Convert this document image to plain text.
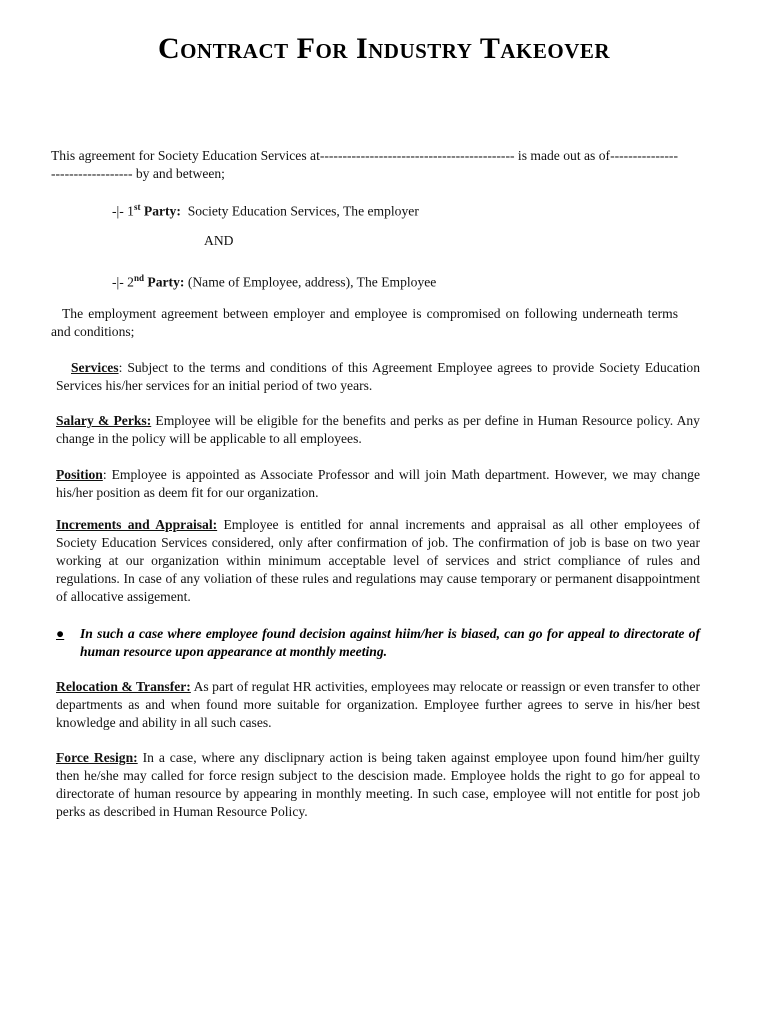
Contract For Industry Takeover
This agreement for Society Education Services at------------------------------------------- is made out as of--------------------------------- by and between;
-|- 1st Party: Society Education Services, The employer
AND
-|- 2nd Party: (Name of Employee, address), The Employee
The employment agreement between employer and employee is compromised on following underneath terms and conditions;
Services: Subject to the terms and conditions of this Agreement Employee agrees to provide Society Education Services his/her services for an initial period of two years.
Salary & Perks: Employee will be eligible for the benefits and perks as per define in Human Resource policy. Any change in the policy will be applicable to all employees.
Position: Employee is appointed as Associate Professor and will join Math department. However, we may change his/her position as deem fit for our organization.
Increments and Appraisal: Employee is entitled for annal increments and appraisal as all other employees of Society Education Services considered, only after confirmation of job. The confirmation of job is base on two year working at our organization within minimum acceptable level of services and strict compliance of rules and regulations. In case of any voliation of these rules and regulations may cause temporary or permanent disappointment of allocative assigement.
●	In such a case where employee found decision against hiim/her is biased, can go for appeal to directorate of human resource upon appearance at monthly meeting.
Relocation & Transfer: As part of regulat HR activities, employees may relocate or reassign or even transfer to other departments as and when found more suitable for organization. Employee further agrees to serve in his/her best knowledge and ability in all such cases.
Force Resign: In a case, where any disclipnary action is being taken against employee upon found him/her guilty then he/she may called for force resign subject to the descision made. Employee holds the right to go for appeal to directorate of human resource by appearing in monthly meeting. In such case, employee will not entitle for post job perks as described in Human Resource Policy.
